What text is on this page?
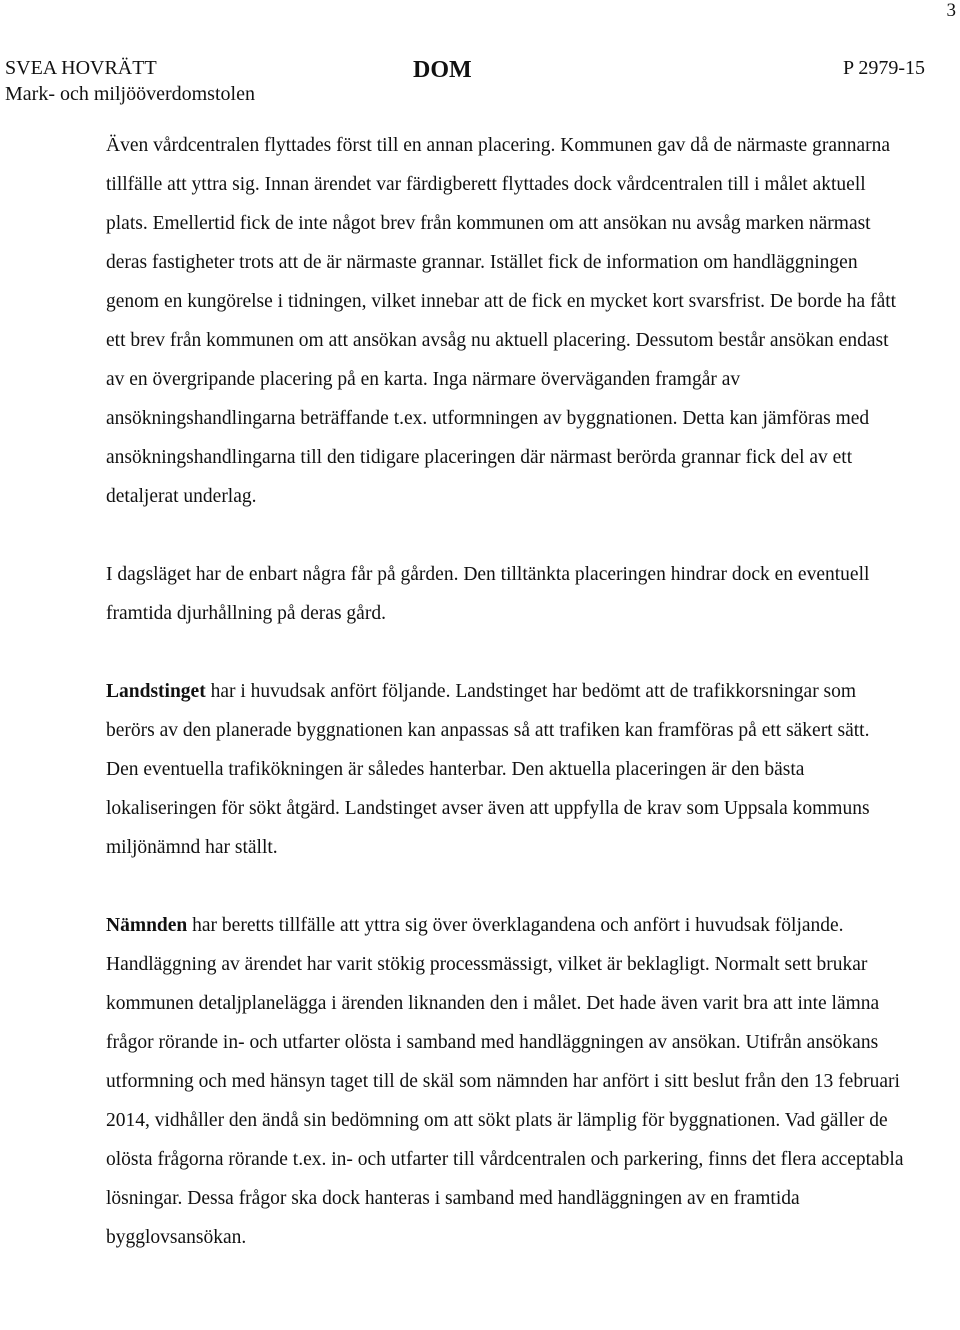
3
SVEA HOVRÄTT
Mark- och miljööverdomstolen
DOM	P 2979-15

Även vårdcentralen flyttades först till en annan placering. Kommunen gav då de närmaste grannarna tillfälle att yttra sig. Innan ärendet var färdigberett flyttades dock vårdcentralen till i målet aktuell plats. Emellertid fick de inte något brev från kommunen om att ansökan nu avsåg marken närmast deras fastigheter trots att de är närmaste grannar. Istället fick de information om handläggningen genom en kungörelse i tidningen, vilket innebar att de fick en mycket kort svarsfrist. De borde ha fått ett brev från kommunen om att ansökan avsåg nu aktuell placering. Dessutom består ansökan endast av en övergripande placering på en karta. Inga närmare överväganden framgår av ansökningshandlingarna beträffande t.ex. utformningen av byggnationen. Detta kan jämföras med ansökningshandlingarna till den tidigare placeringen där närmast berörda grannar fick del av ett detaljerat underlag.

I dagsläget har de enbart några får på gården. Den tilltänkta placeringen hindrar dock en eventuell framtida djurhållning på deras gård.

Landstinget har i huvudsak anfört följande. Landstinget har bedömt att de trafikkorsningar som berörs av den planerade byggnationen kan anpassas så att trafiken kan framföras på ett säkert sätt. Den eventuella trafikökningen är således hanterbar. Den aktuella placeringen är den bästa lokaliseringen för sökt åtgärd. Landstinget avser även att uppfylla de krav som Uppsala kommuns miljönämnd har ställt.

Nämnden har beretts tillfälle att yttra sig över överklagandena och anfört i huvudsak följande. Handläggning av ärendet har varit stökig processmässigt, vilket är beklagligt. Normalt sett brukar kommunen detaljplanelägga i ärenden liknanden den i målet. Det hade även varit bra att inte lämna frågor rörande in- och utfarter olösta i samband med handläggningen av ansökan. Utifrån ansökans utformning och med hänsyn taget till de skäl som nämnden har anfört i sitt beslut från den 13 februari 2014, vidhåller den ändå sin bedömning om att sökt plats är lämplig för byggnationen. Vad gäller de olösta frågorna rörande t.ex. in- och utfarter till vårdcentralen och parkering, finns det flera acceptabla lösningar. Dessa frågor ska dock hanteras i samband med handläggningen av en framtida bygglovsansökan.
